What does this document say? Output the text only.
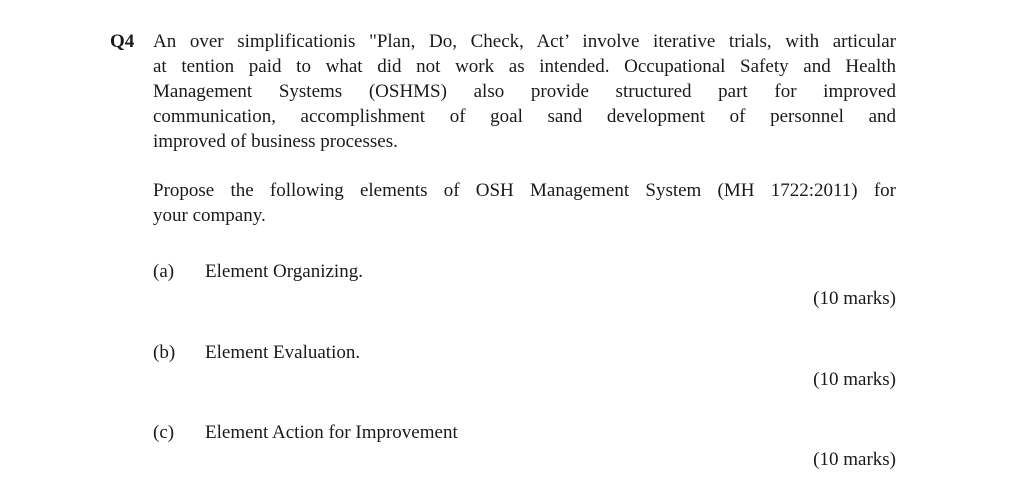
Q4 An over simplificationis "Plan, Do, Check, Act’ involve iterative trials, with articular
at tention paid to what did not work as intended. Occupational Safety and Health
Management Systems (OSHMS) also provide structured part for improved
communication, accomplishment of goal sand development of personnel and
improved of business processes.
Propose the following elements of OSH Management System (MH 1722:2011) for
your company.
(a) Element Organizing.
(10 marks)
(b) Element Evaluation.
(10 marks)
(c) Element Action for Improvement
(10 marks)
